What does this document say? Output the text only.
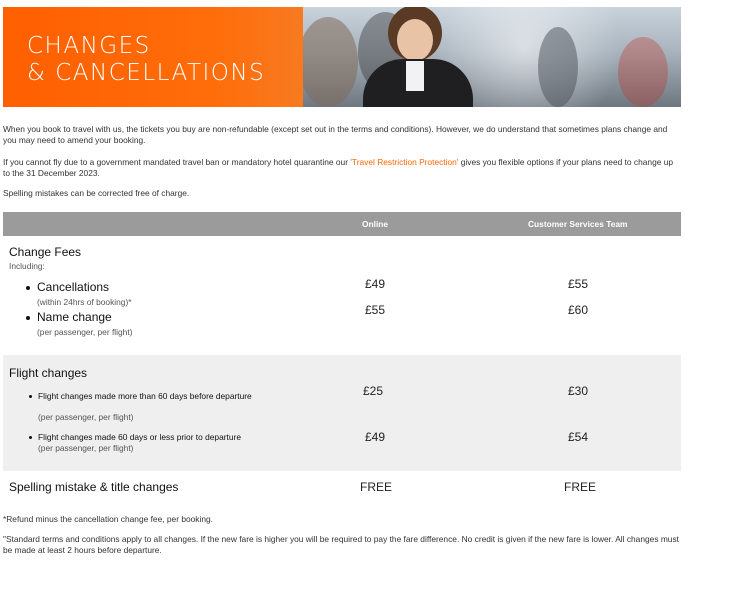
CHANGES
& CANCELLATIONS

When you book to travel with us, the tickets you buy are non-refundable (except set out in the terms and conditions). However, we do understand that sometimes plans change and you may need to amend your booking.

If you cannot fly due to a government mandated travel ban or mandatory hotel quarantine our 'Travel Restriction Protection' gives you flexible options if your plans need to change up to the 31 December 2023.

Spelling mistakes can be corrected free of charge.

Online	Customer Services Team
Change Fees
Including:
Cancellations
(within 24hrs of booking)*
£49	£55
Name change
(per passenger, per flight)
£55	£60
Flight changes
Flight changes made more than 60 days before departure
(per passenger, per flight)
£25	£30
Flight changes made 60 days or less prior to departure
(per passenger, per flight)
£49	£54
Spelling mistake & title changes	FREE	FREE
*Refund minus the cancellation change fee, per booking.
"Standard terms and conditions apply to all changes. If the new fare is higher you will be required to pay the fare difference. No credit is given if the new fare is lower. All changes must be made at least 2 hours before departure.
